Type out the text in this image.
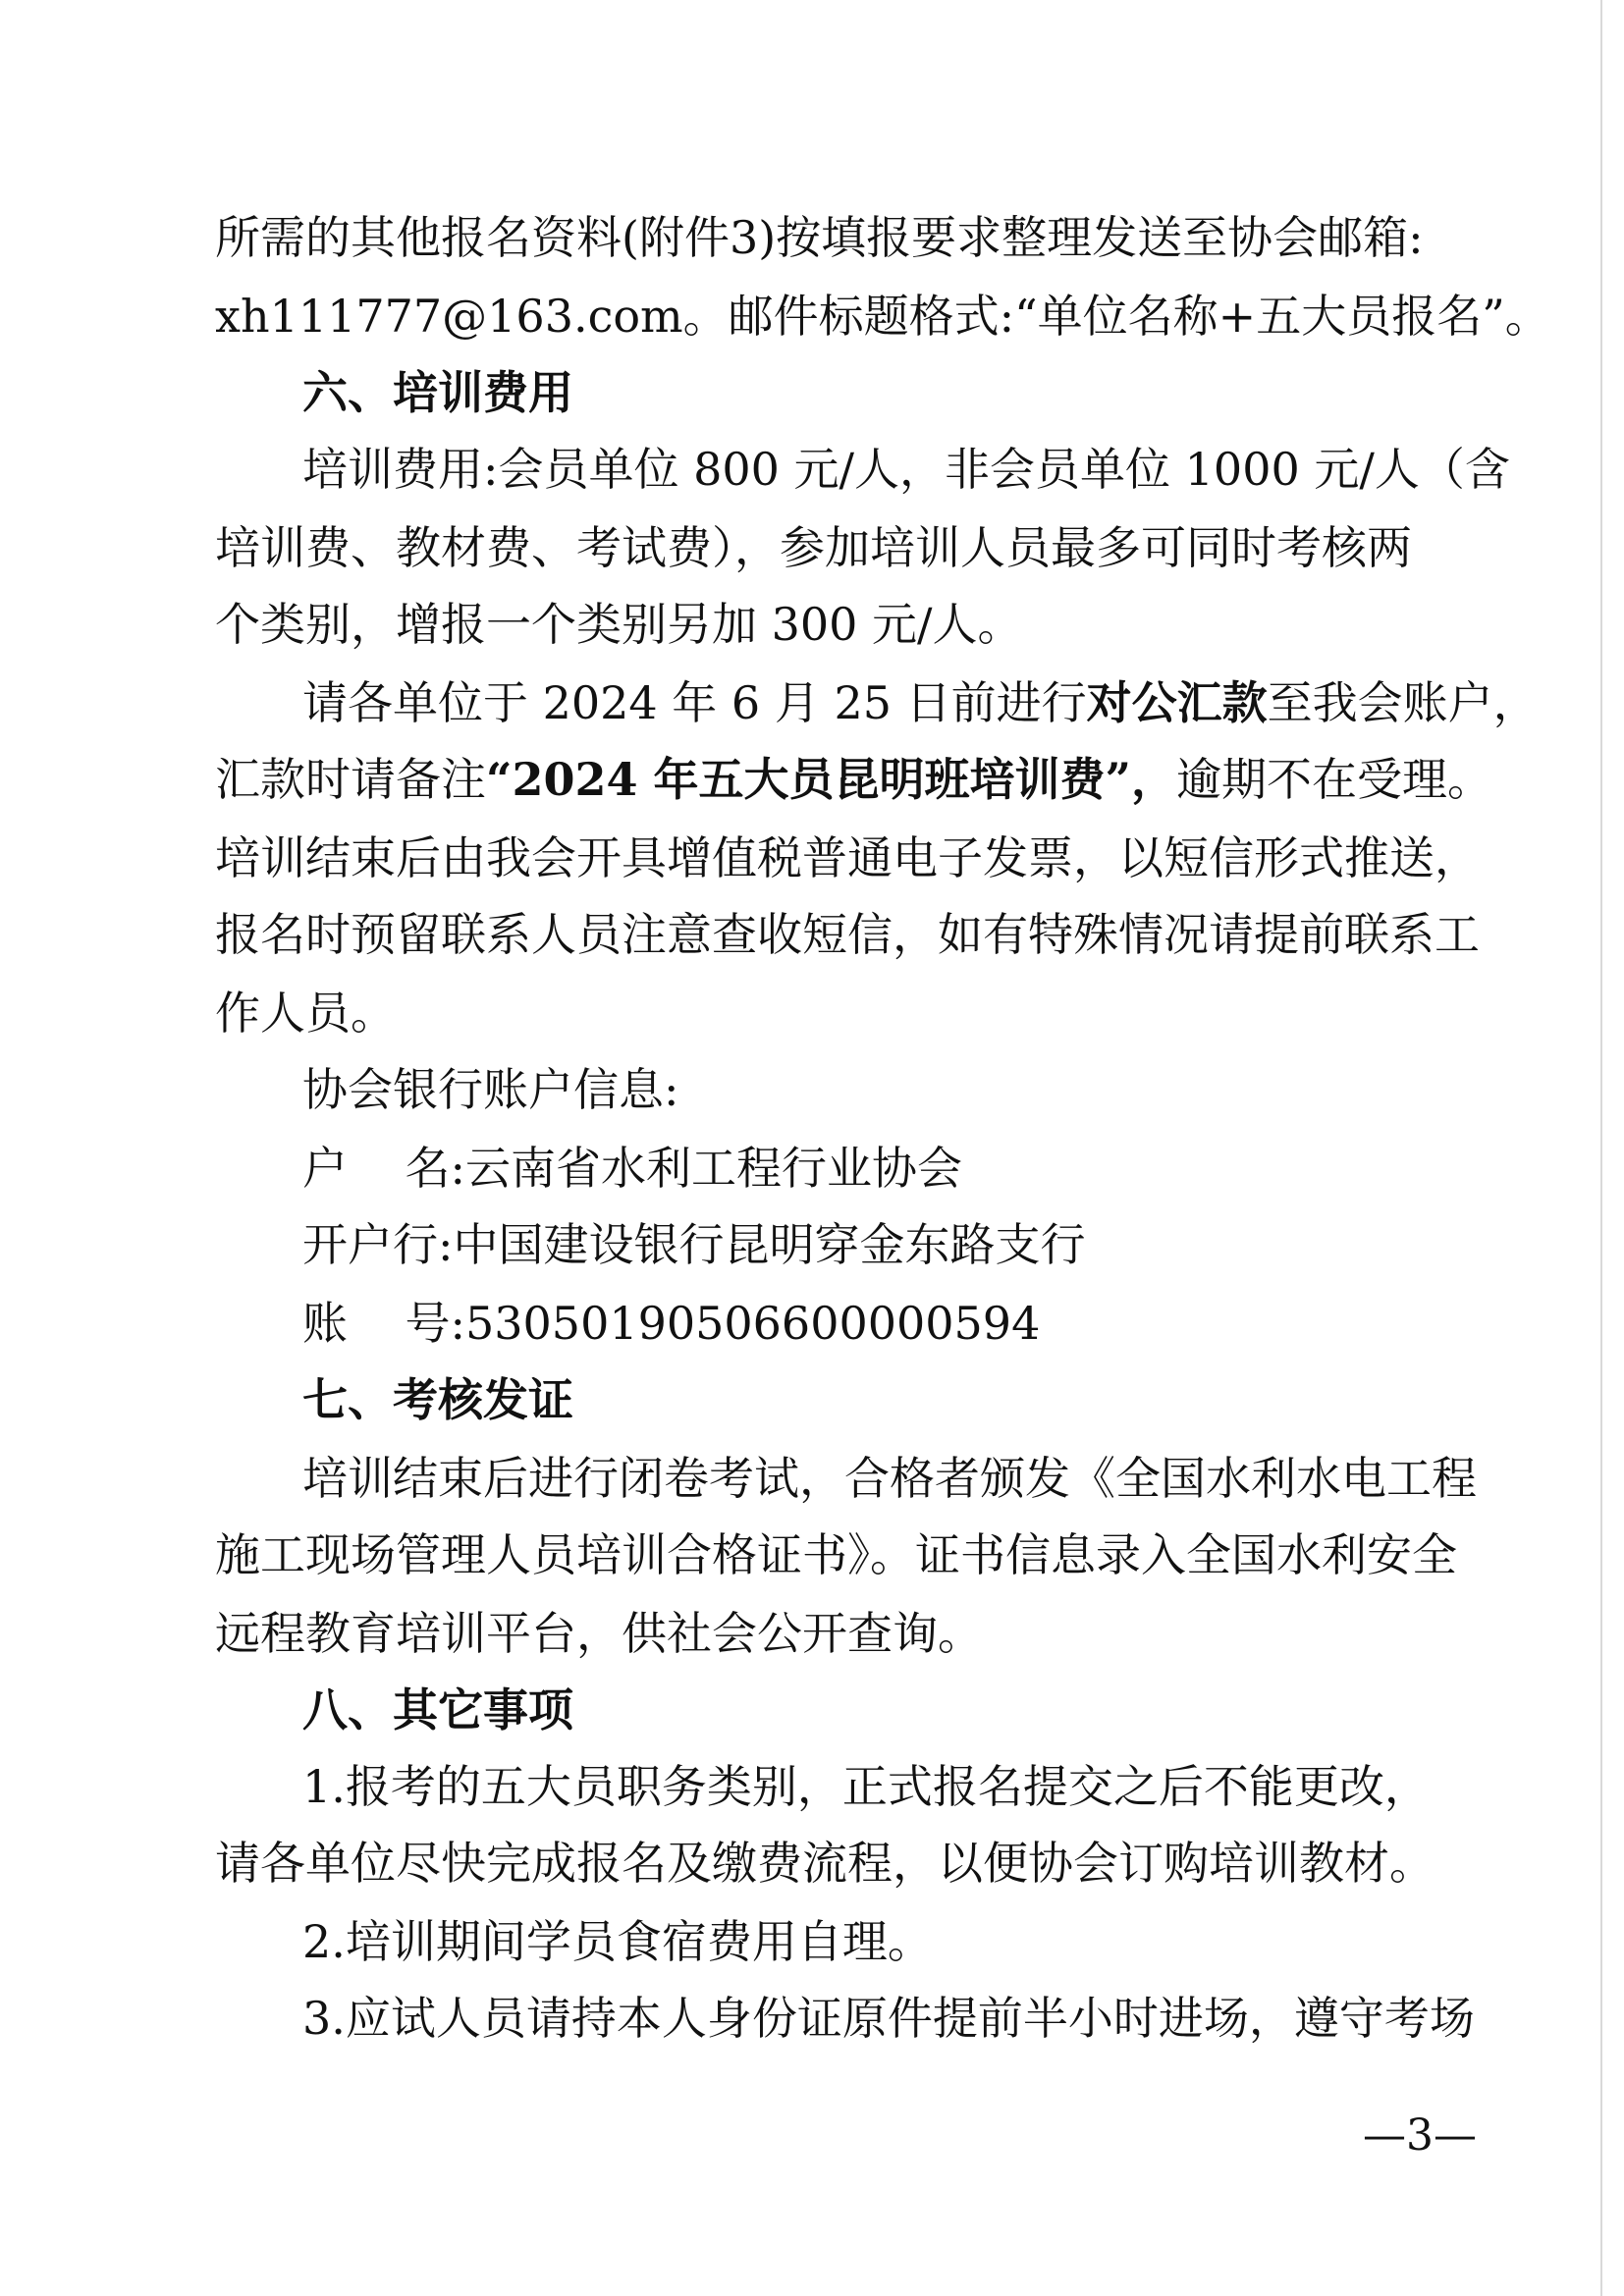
所需的其他报名资料(附件3)按填报要求整理发送至协会邮箱:
xh111777@163.com。邮件标题格式:“单位名称+五大员报名”。
六、培训费用
培训费用:会员单位 800 元/人，非会员单位 1000 元/人（含
培训费、教材费、考试费），参加培训人员最多可同时考核两
个类别，增报一个类别另加 300 元/人。
请各单位于 2024 年 6 月 25 日前进行对公汇款至我会账户，
汇款时请备注“2024 年五大员昆明班培训费”，逾期不在受理。
培训结束后由我会开具增值税普通电子发票，以短信形式推送，
报名时预留联系人员注意查收短信，如有特殊情况请提前联系工
作人员。
协会银行账户信息:
户    名:云南省水利工程行业协会
开户行:中国建设银行昆明穿金东路支行
账    号:53050190506600000594
七、考核发证
培训结束后进行闭卷考试，合格者颁发《全国水利水电工程
施工现场管理人员培训合格证书》。证书信息录入全国水利安全
远程教育培训平台，供社会公开查询。
八、其它事项
1.报考的五大员职务类别，正式报名提交之后不能更改，
请各单位尽快完成报名及缴费流程，以便协会订购培训教材。
2.培训期间学员食宿费用自理。
3.应试人员请持本人身份证原件提前半小时进场，遵守考场
—3—
